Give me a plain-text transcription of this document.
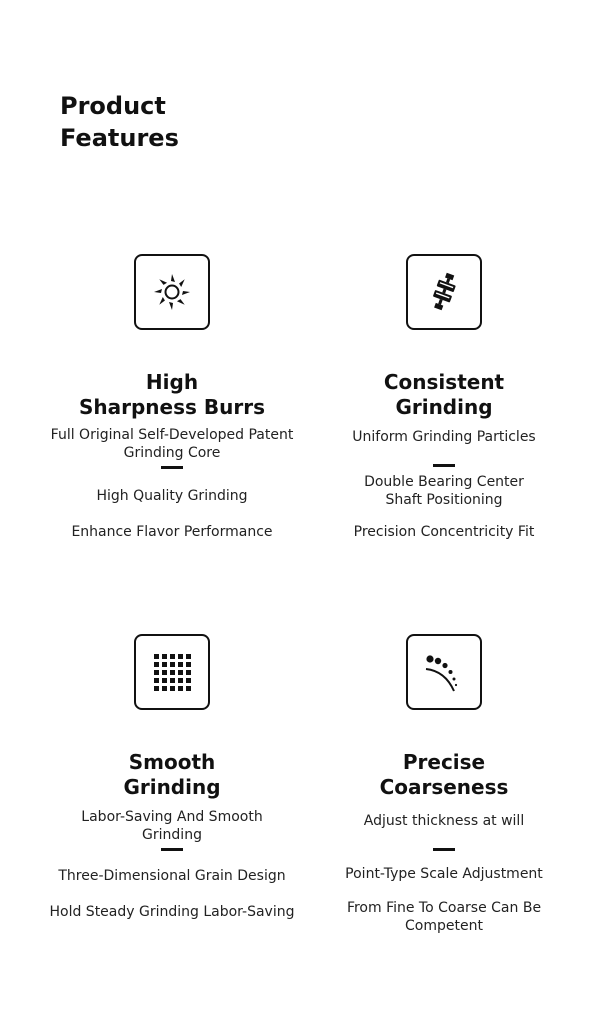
Product
Features
High
Sharpness Burrs
Full Original Self-Developed Patent
Grinding Core
High Quality Grinding
Enhance Flavor Performance
Consistent
Grinding
Uniform Grinding Particles
Double Bearing Center
Shaft Positioning
Precision Concentricity Fit
Smooth
Grinding
Labor-Saving And Smooth
Grinding
Three-Dimensional Grain Design
Hold Steady Grinding Labor-Saving
Precise
Coarseness
Adjust thickness at will
Point-Type Scale Adjustment
From Fine To Coarse Can Be
Competent
